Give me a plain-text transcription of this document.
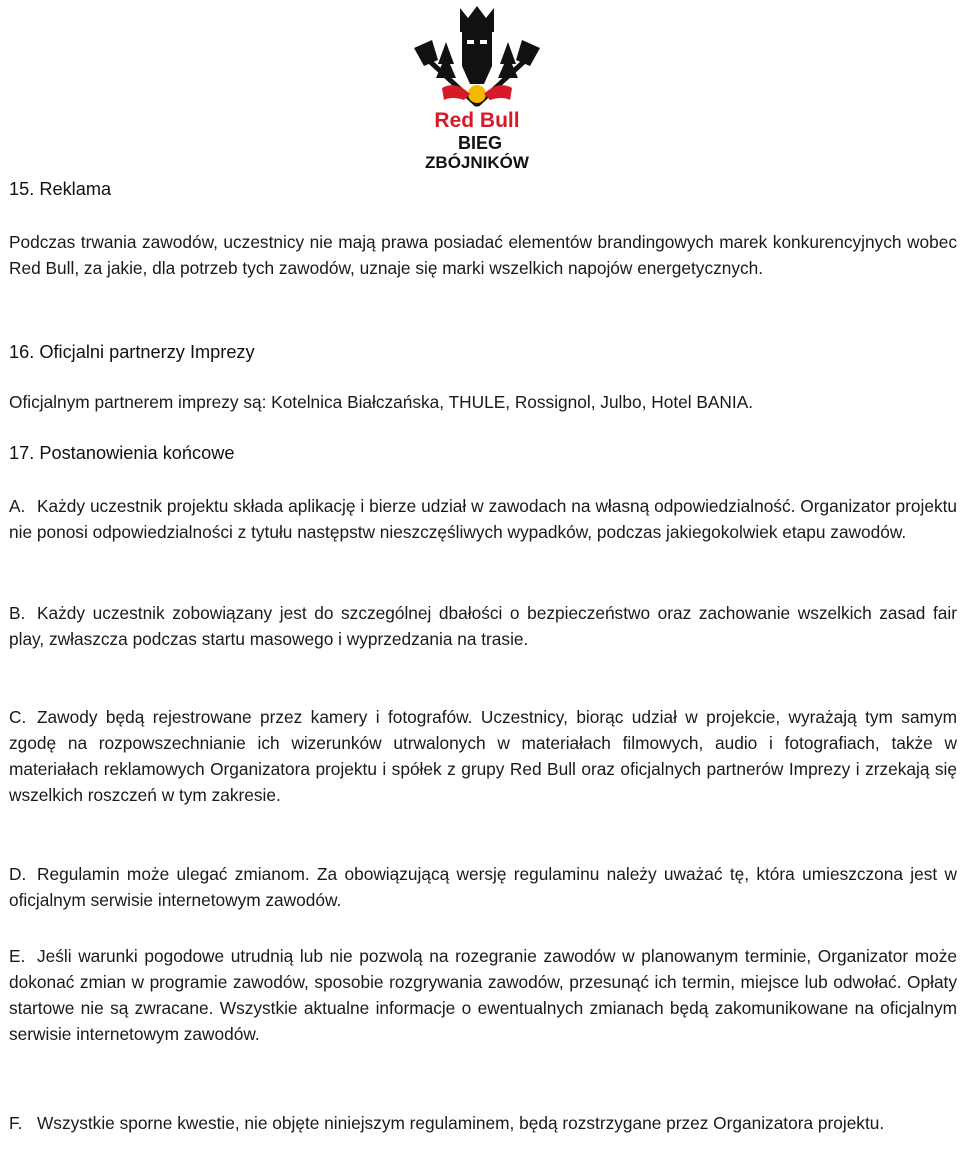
Red Bull
BIEG
ZBÓJNIKÓW
15. Reklama

Podczas trwania zawodów, uczestnicy nie mają prawa posiadać elementów brandingowych marek konkurencyjnych wobec Red Bull, za jakie, dla potrzeb tych zawodów, uznaje się marki wszelkich napojów energetycznych.

16. Oficjalni partnerzy Imprezy

Oficjalnym partnerem imprezy są: Kotelnica Białczańska, THULE, Rossignol, Julbo, Hotel BANIA.

17. Postanowienia końcowe

A. Każdy uczestnik projektu składa aplikację i bierze udział w zawodach na własną odpowiedzialność. Organizator projektu nie ponosi odpowiedzialności z tytułu następstw nieszczęśliwych wypadków, podczas jakiegokolwiek etapu zawodów.

B. Każdy uczestnik zobowiązany jest do szczególnej dbałości o bezpieczeństwo oraz zachowanie wszelkich zasad fair play, zwłaszcza podczas startu masowego i wyprzedzania na trasie.

C. Zawody będą rejestrowane przez kamery i fotografów. Uczestnicy, biorąc udział w projekcie, wyrażają tym samym zgodę na rozpowszechnianie ich wizerunków utrwalonych w materiałach filmowych, audio i fotografiach, także w materiałach reklamowych Organizatora projektu i spółek z grupy Red Bull oraz oficjalnych partnerów Imprezy i zrzekają się wszelkich roszczeń w tym zakresie.

D. Regulamin może ulegać zmianom. Za obowiązującą wersję regulaminu należy uważać tę, która umieszczona jest w oficjalnym serwisie internetowym zawodów.

E. Jeśli warunki pogodowe utrudnią lub nie pozwolą na rozegranie zawodów w planowanym terminie, Organizator może dokonać zmian w programie zawodów, sposobie rozgrywania zawodów, przesunąć ich termin, miejsce lub odwołać. Opłaty startowe nie są zwracane. Wszystkie aktualne informacje o ewentualnych zmianach będą zakomunikowane na oficjalnym serwisie internetowym zawodów.

F. Wszystkie sporne kwestie, nie objęte niniejszym regulaminem, będą rozstrzygane przez Organizatora projektu.
